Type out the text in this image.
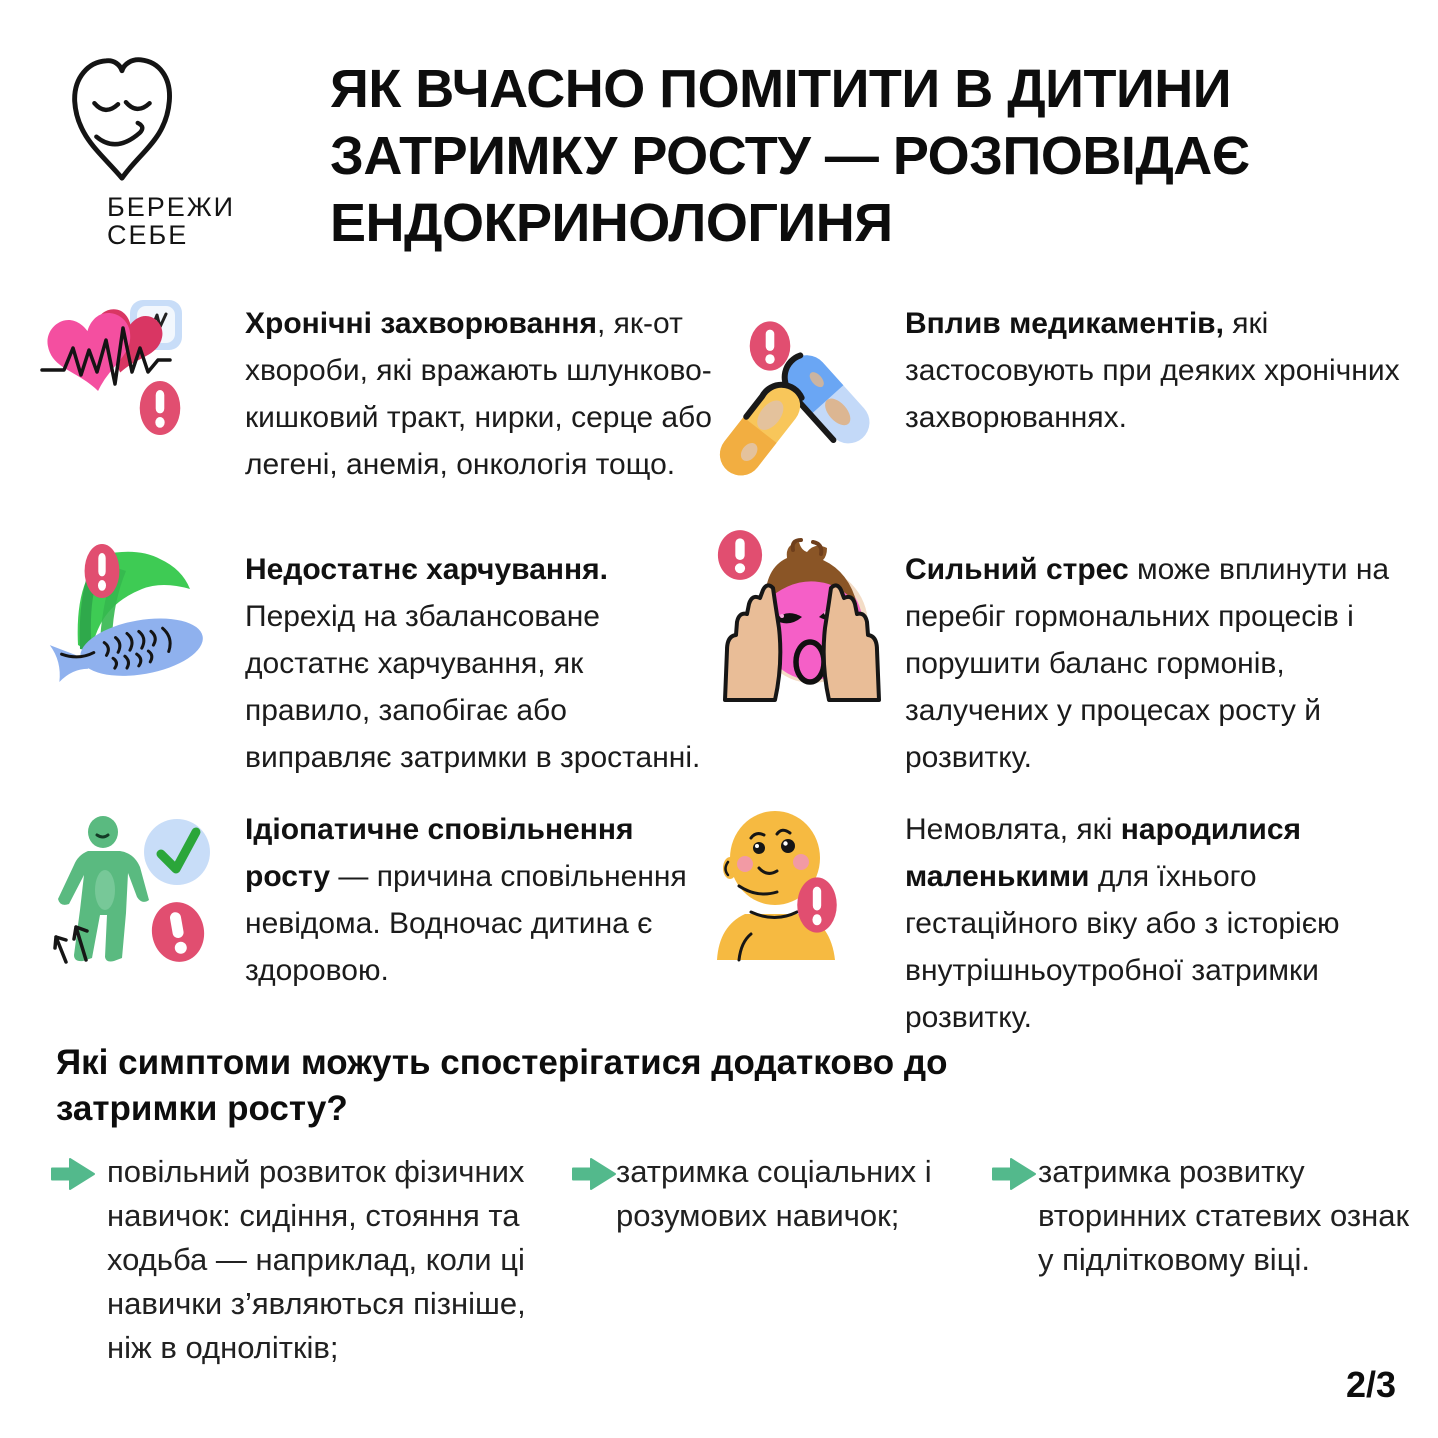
БЕРЕЖИ
СЕБЕ
ЯК ВЧАСНО ПОМІТИТИ В ДИТИНИ
ЗАТРИМКУ РОСТУ — РОЗПОВІДАЄ
ЕНДОКРИНОЛОГИНЯ

Хронічні захворювання, як-от хвороби, які вражають шлунково-кишковий тракт, нирки, серце або легені, анемія, онкологія тощо.

Вплив медикаментів, які застосовують при деяких хронічних захворюваннях.

Недостатнє харчування. Перехід на збалансоване достатнє харчування, як правило, запобігає або виправляє затримки в зростанні.

Сильний стрес може вплинути на перебіг гормональних процесів і порушити баланс гормонів, залучених у процесах росту й розвитку.

Ідіопатичне сповільнення росту — причина сповільнення невідома. Водночас дитина є здоровою.

Немовлята, які народилися маленькими для їхнього гестаційного віку або з історією внутрішньоутробної затримки розвитку.

Які симптоми можуть спостерігатися додатково до затримки росту?

повільний розвиток фізичних навичок: сидіння, стояння та ходьба — наприклад, коли ці навички з’являються пізніше, ніж в однолітків;

затримка соціальних і розумових навичок;

затримка розвитку вторинних статевих ознак у підлітковому віці.

2/3
